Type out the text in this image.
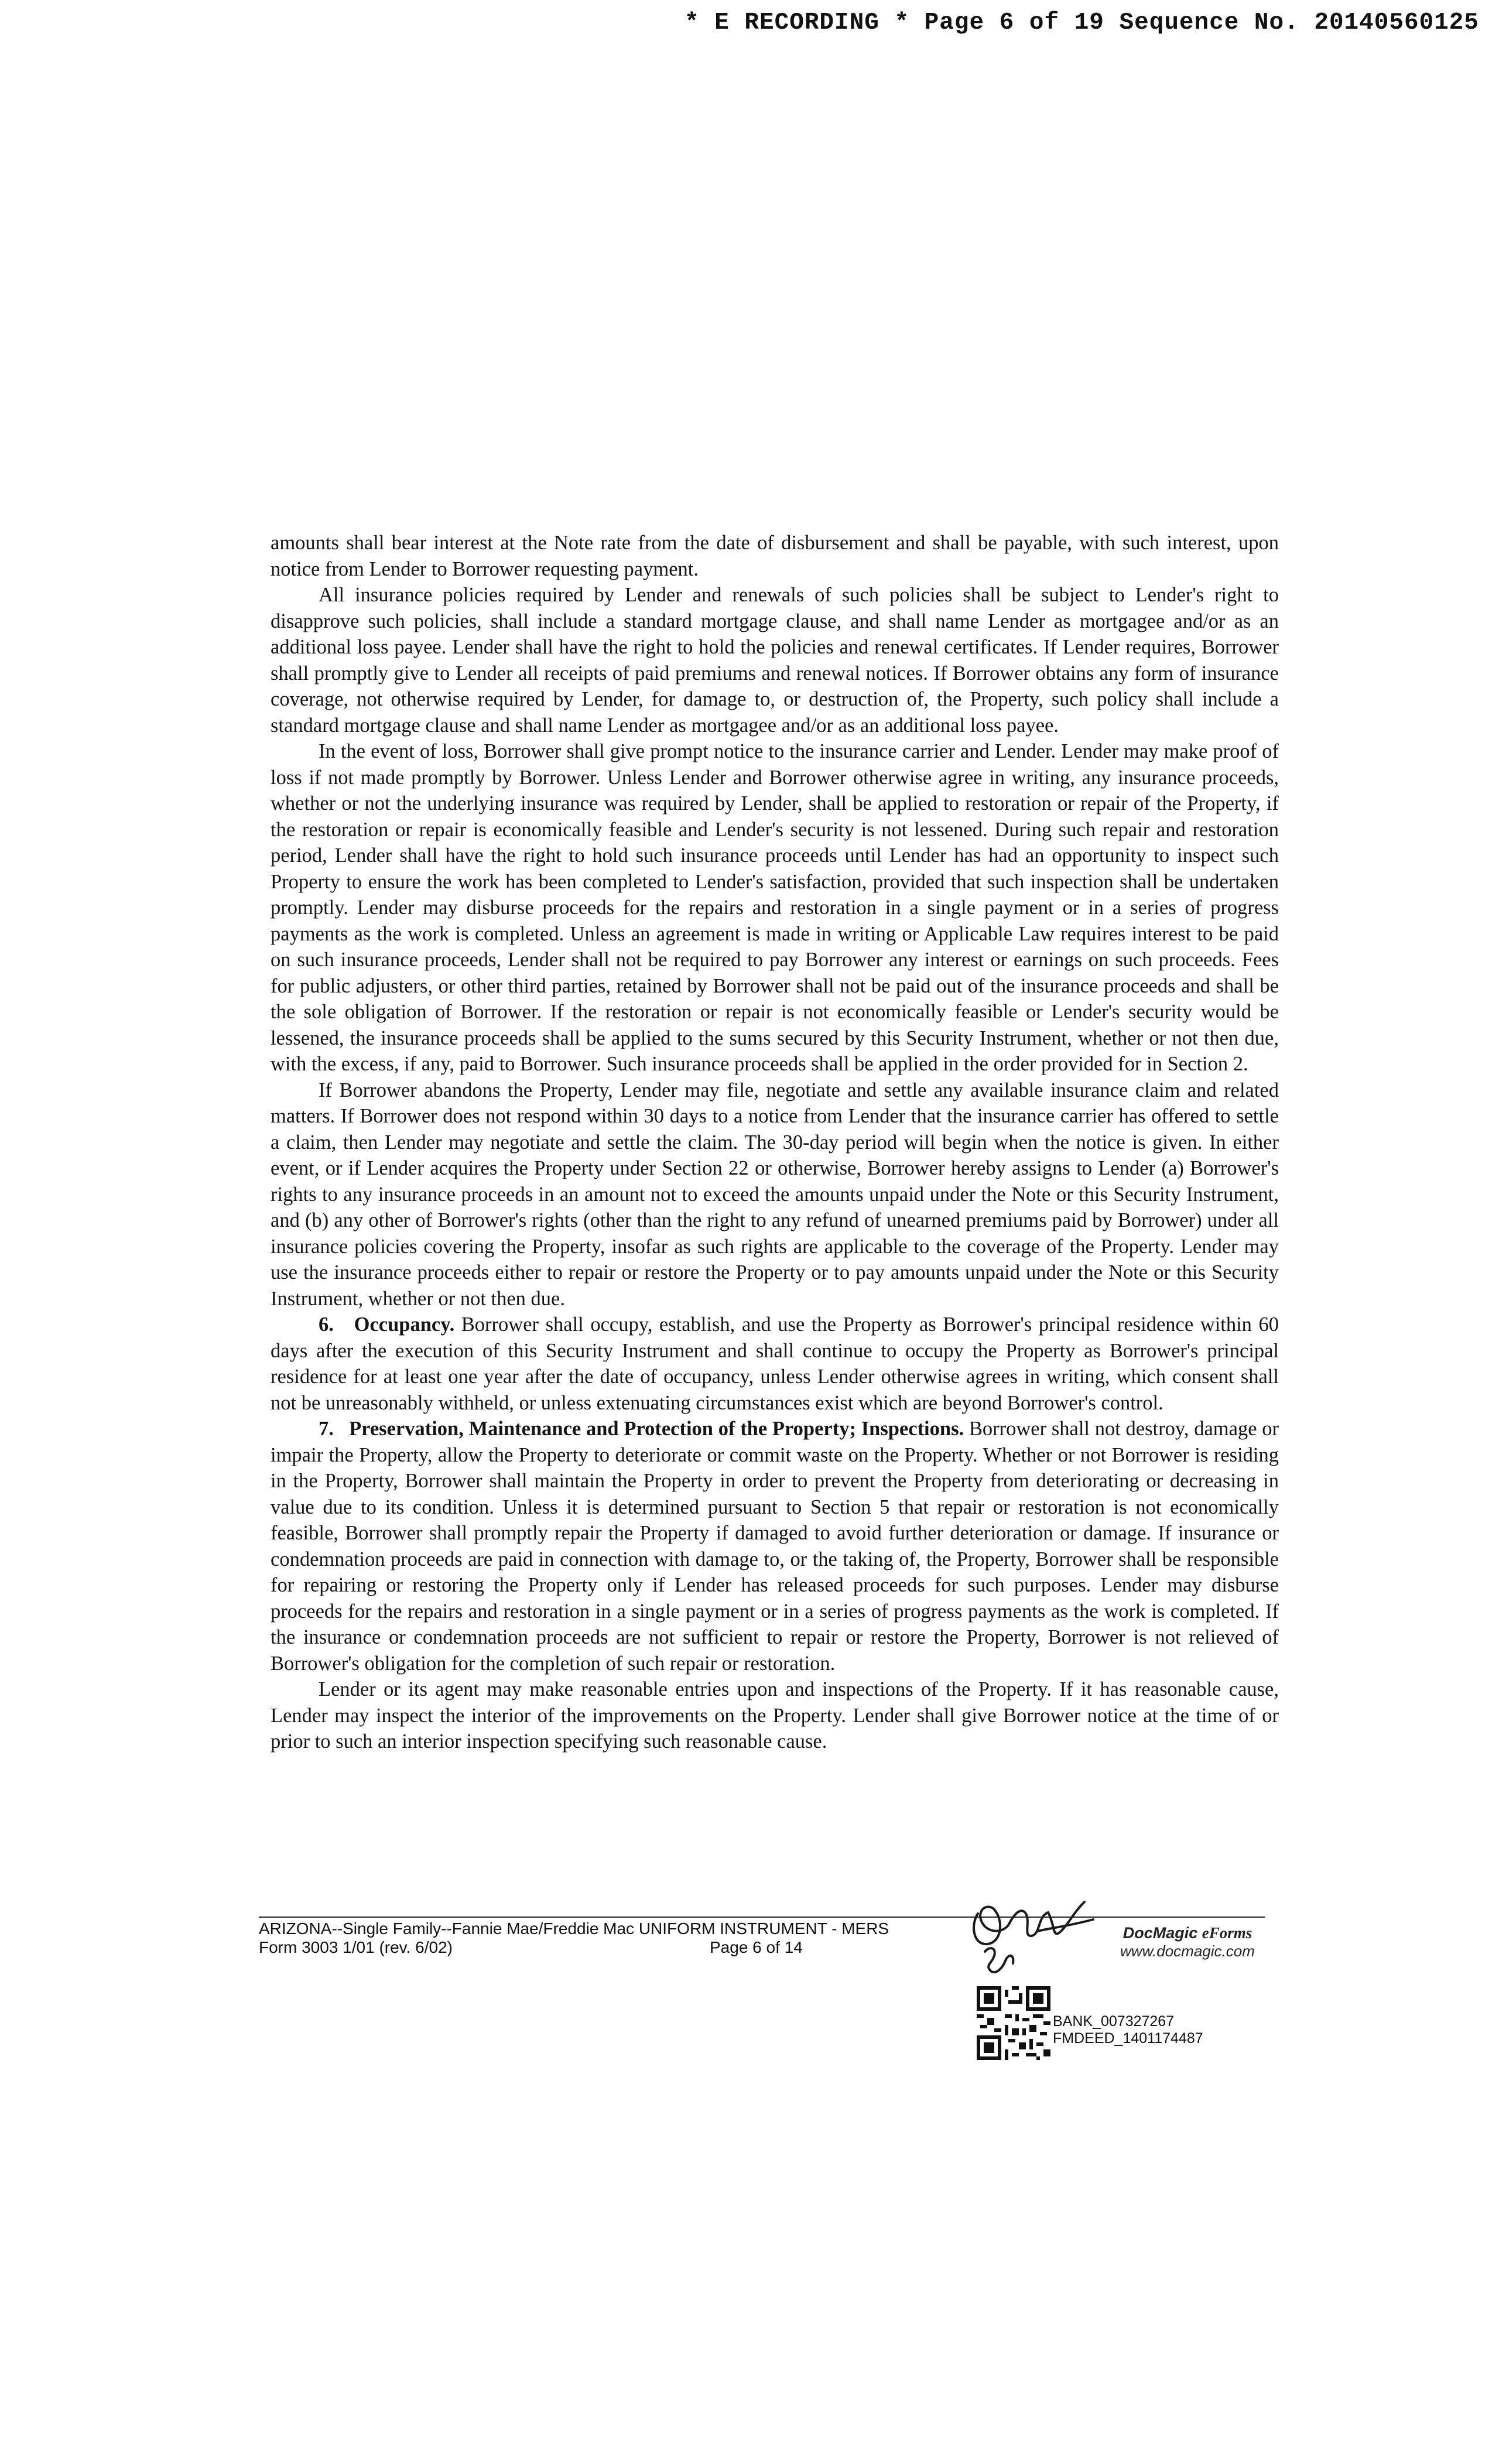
* E RECORDING * Page 6 of 19 Sequence No. 20140560125

amounts shall bear interest at the Note rate from the date of disbursement and shall be payable, with such interest, upon notice from Lender to Borrower requesting payment.

All insurance policies required by Lender and renewals of such policies shall be subject to Lender's right to disapprove such policies, shall include a standard mortgage clause, and shall name Lender as mortgagee and/or as an additional loss payee. Lender shall have the right to hold the policies and renewal certificates. If Lender requires, Borrower shall promptly give to Lender all receipts of paid premiums and renewal notices. If Borrower obtains any form of insurance coverage, not otherwise required by Lender, for damage to, or destruction of, the Property, such policy shall include a standard mortgage clause and shall name Lender as mortgagee and/or as an additional loss payee.

In the event of loss, Borrower shall give prompt notice to the insurance carrier and Lender. Lender may make proof of loss if not made promptly by Borrower. Unless Lender and Borrower otherwise agree in writing, any insurance proceeds, whether or not the underlying insurance was required by Lender, shall be applied to restoration or repair of the Property, if the restoration or repair is economically feasible and Lender's security is not lessened. During such repair and restoration period, Lender shall have the right to hold such insurance proceeds until Lender has had an opportunity to inspect such Property to ensure the work has been completed to Lender's satisfaction, provided that such inspection shall be undertaken promptly. Lender may disburse proceeds for the repairs and restoration in a single payment or in a series of progress payments as the work is completed. Unless an agreement is made in writing or Applicable Law requires interest to be paid on such insurance proceeds, Lender shall not be required to pay Borrower any interest or earnings on such proceeds. Fees for public adjusters, or other third parties, retained by Borrower shall not be paid out of the insurance proceeds and shall be the sole obligation of Borrower. If the restoration or repair is not economically feasible or Lender's security would be lessened, the insurance proceeds shall be applied to the sums secured by this Security Instrument, whether or not then due, with the excess, if any, paid to Borrower. Such insurance proceeds shall be applied in the order provided for in Section 2.

If Borrower abandons the Property, Lender may file, negotiate and settle any available insurance claim and related matters. If Borrower does not respond within 30 days to a notice from Lender that the insurance carrier has offered to settle a claim, then Lender may negotiate and settle the claim. The 30-day period will begin when the notice is given. In either event, or if Lender acquires the Property under Section 22 or otherwise, Borrower hereby assigns to Lender (a) Borrower's rights to any insurance proceeds in an amount not to exceed the amounts unpaid under the Note or this Security Instrument, and (b) any other of Borrower's rights (other than the right to any refund of unearned premiums paid by Borrower) under all insurance policies covering the Property, insofar as such rights are applicable to the coverage of the Property. Lender may use the insurance proceeds either to repair or restore the Property or to pay amounts unpaid under the Note or this Security Instrument, whether or not then due.

6. Occupancy. Borrower shall occupy, establish, and use the Property as Borrower's principal residence within 60 days after the execution of this Security Instrument and shall continue to occupy the Property as Borrower's principal residence for at least one year after the date of occupancy, unless Lender otherwise agrees in writing, which consent shall not be unreasonably withheld, or unless extenuating circumstances exist which are beyond Borrower's control.

7. Preservation, Maintenance and Protection of the Property; Inspections. Borrower shall not destroy, damage or impair the Property, allow the Property to deteriorate or commit waste on the Property. Whether or not Borrower is residing in the Property, Borrower shall maintain the Property in order to prevent the Property from deteriorating or decreasing in value due to its condition. Unless it is determined pursuant to Section 5 that repair or restoration is not economically feasible, Borrower shall promptly repair the Property if damaged to avoid further deterioration or damage. If insurance or condemnation proceeds are paid in connection with damage to, or the taking of, the Property, Borrower shall be responsible for repairing or restoring the Property only if Lender has released proceeds for such purposes. Lender may disburse proceeds for the repairs and restoration in a single payment or in a series of progress payments as the work is completed. If the insurance or condemnation proceeds are not sufficient to repair or restore the Property, Borrower is not relieved of Borrower's obligation for the completion of such repair or restoration.

Lender or its agent may make reasonable entries upon and inspections of the Property. If it has reasonable cause, Lender may inspect the interior of the improvements on the Property. Lender shall give Borrower notice at the time of or prior to such an interior inspection specifying such reasonable cause.

ARIZONA--Single Family--Fannie Mae/Freddie Mac UNIFORM INSTRUMENT - MERS
Form 3003 1/01 (rev. 6/02)	Page 6 of 14
DocMagic eForms
www.docmagic.com
BANK_007327267
FMDEED_1401174487
